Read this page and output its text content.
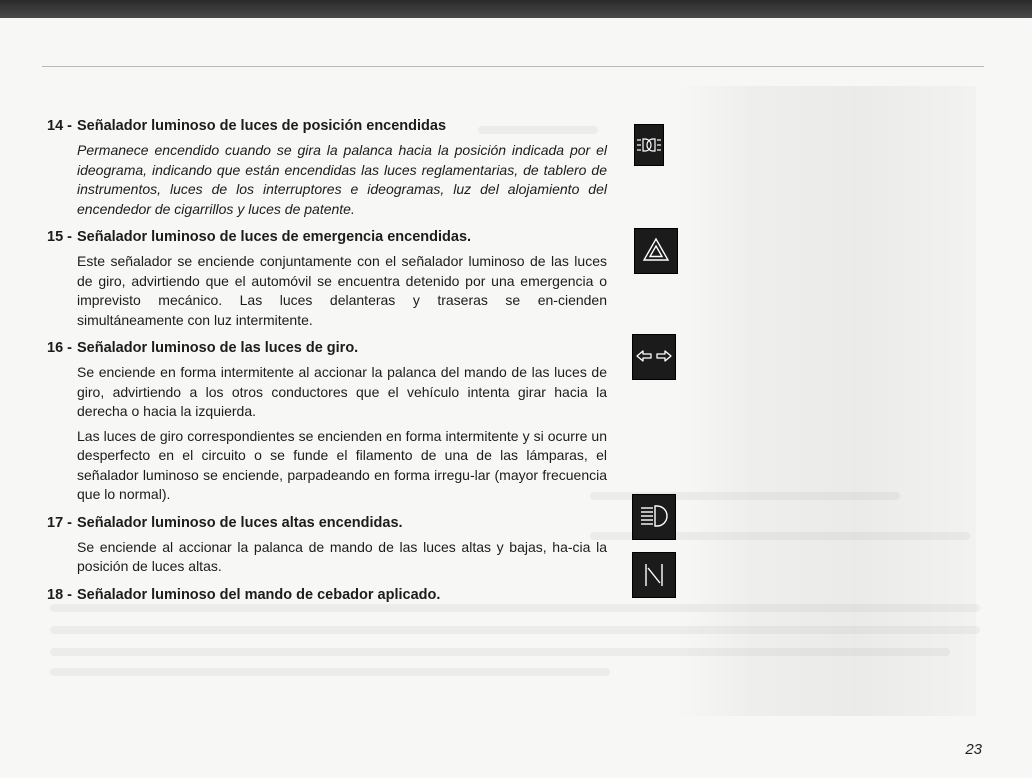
14 - Señalador luminoso de luces de posición encendidas

Permanece encendido cuando se gira la palanca hacia la posición indicada por el ideograma, indicando que están encendidas las luces reglamentarias, de tablero de instrumentos, luces de los interruptores e ideogramas, luz del alojamiento del encendedor de cigarrillos y luces de patente.

15 - Señalador luminoso de luces de emergencia encendidas.

Este señalador se enciende conjuntamente con el señalador luminoso de las luces de giro, advirtiendo que el automóvil se encuentra detenido por una emergencia o imprevisto mecánico. Las luces delanteras y traseras se en-cienden simultáneamente con luz intermitente.

16 - Señalador luminoso de las luces de giro.

Se enciende en forma intermitente al accionar la palanca del mando de las luces de giro, advirtiendo a los otros conductores que el vehículo intenta girar hacia la derecha o hacia la izquierda.

Las luces de giro correspondientes se encienden en forma intermitente y si ocurre un desperfecto en el circuito o se funde el filamento de una de las lámparas, el señalador luminoso se enciende, parpadeando en forma irregu-lar (mayor frecuencia que lo normal).

17 - Señalador luminoso de luces altas encendidas.

Se enciende al accionar la palanca de mando de las luces altas y bajas, ha-cia la posición de luces altas.

18 - Señalador luminoso del mando de cebador aplicado.
23
